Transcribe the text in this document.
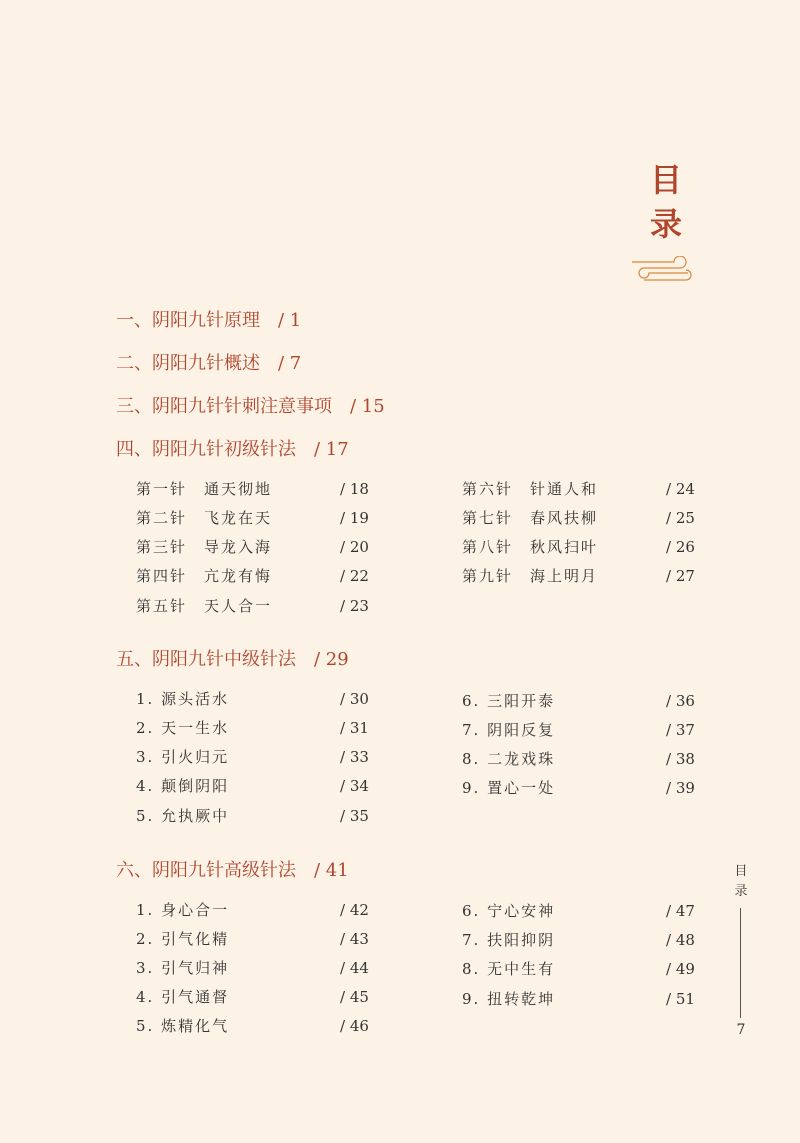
目
录
一、阴阳九针原理 / 1
二、阴阳九针概述 / 7
三、阴阳九针针刺注意事项 / 15
四、阴阳九针初级针法 / 17
第一针 通天彻地	/ 18
第二针 飞龙在天	/ 19
第三针 导龙入海	/ 20
第四针 亢龙有悔	/ 22
第五针 天人合一	/ 23
第六针 针通人和	/ 24
第七针 春风扶柳	/ 25
第八针 秋风扫叶	/ 26
第九针 海上明月	/ 27
五、阴阳九针中级针法 / 29
1. 源头活水	/ 30
2. 天一生水	/ 31
3. 引火归元	/ 33
4. 颠倒阴阳	/ 34
5. 允执厥中	/ 35
6. 三阳开泰	/ 36
7. 阴阳反复	/ 37
8. 二龙戏珠	/ 38
9. 置心一处	/ 39
六、阴阳九针高级针法 / 41
1. 身心合一	/ 42
2. 引气化精	/ 43
3. 引气归神	/ 44
4. 引气通督	/ 45
5. 炼精化气	/ 46
6. 宁心安神	/ 47
7. 扶阳抑阴	/ 48
8. 无中生有	/ 49
9. 扭转乾坤	/ 51
目
录
7
